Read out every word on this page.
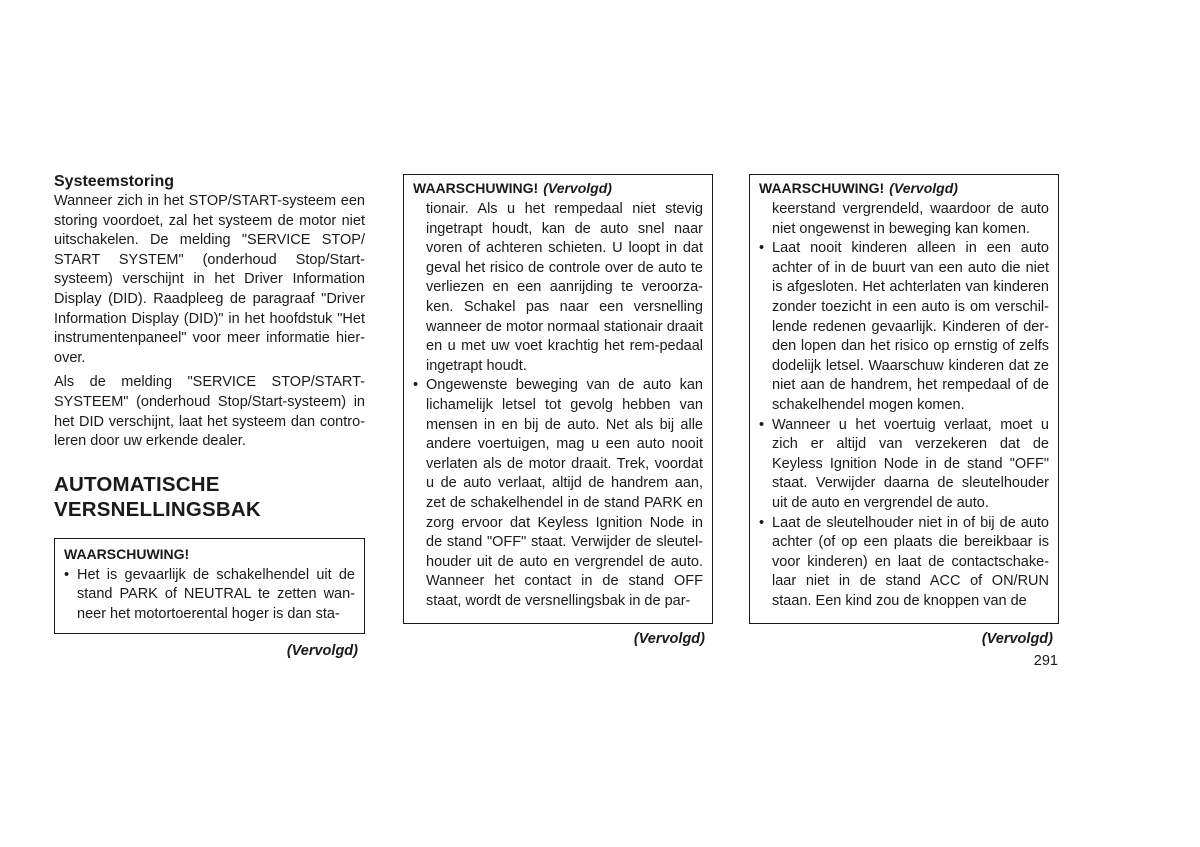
Systeemstoring

Wanneer zich in het STOP/START-systeem een storing voordoet, zal het systeem de motor niet uitschakelen. De melding "SERVICE STOP/ START SYSTEM" (onderhoud Stop/Start-systeem) verschijnt in het Driver Information Display (DID). Raadpleeg de paragraaf "Driver Information Display (DID)" in het hoofdstuk "Het instrumentenpaneel" voor meer informatie hier-over.

Als de melding "SERVICE STOP/START-SYSTEEM" (onderhoud Stop/Start-systeem) in het DID verschijnt, laat het systeem dan contro-leren door uw erkende dealer.

AUTOMATISCHE
VERSNELLINGSBAK
WAARSCHUWING!
• Het is gevaarlijk de schakelhendel uit de stand PARK of NEUTRAL te zetten wan-neer het motortoerental hoger is dan sta-
(Vervolgd)
WAARSCHUWING! (Vervolgd)

tionair. Als u het rempedaal niet stevig ingetrapt houdt, kan de auto snel naar voren of achteren schieten. U loopt in dat geval het risico de controle over de auto te verliezen en een aanrijding te veroorza-ken. Schakel pas naar een versnelling wanneer de motor normaal stationair draait en u met uw voet krachtig het rem-pedaal ingetrapt houdt.

• Ongewenste beweging van de auto kan lichamelijk letsel tot gevolg hebben van mensen in en bij de auto. Net als bij alle andere voertuigen, mag u een auto nooit verlaten als de motor draait. Trek, voordat u de auto verlaat, altijd de handrem aan, zet de schakelhendel in de stand PARK en zorg ervoor dat Keyless Ignition Node in de stand "OFF" staat. Verwijder de sleutel-houder uit de auto en vergrendel de auto. Wanneer het contact in de stand OFF staat, wordt de versnellingsbak in de par-
(Vervolgd)
WAARSCHUWING! (Vervolgd)

keerstand vergrendeld, waardoor de auto niet ongewenst in beweging kan komen.

• Laat nooit kinderen alleen in een auto achter of in de buurt van een auto die niet is afgesloten. Het achterlaten van kinderen zonder toezicht in een auto is om verschil-lende redenen gevaarlijk. Kinderen of der-den lopen dan het risico op ernstig of zelfs dodelijk letsel. Waarschuw kinderen dat ze niet aan de handrem, het rempedaal of de schakelhendel mogen komen.
• Wanneer u het voertuig verlaat, moet u zich er altijd van verzekeren dat de Keyless Ignition Node in de stand "OFF" staat. Verwijder daarna de sleutelhouder uit de auto en vergrendel de auto.
• Laat de sleutelhouder niet in of bij de auto achter (of op een plaats die bereikbaar is voor kinderen) en laat de contactschake-laar niet in de stand ACC of ON/RUN staan. Een kind zou de knoppen van de
(Vervolgd)
291
